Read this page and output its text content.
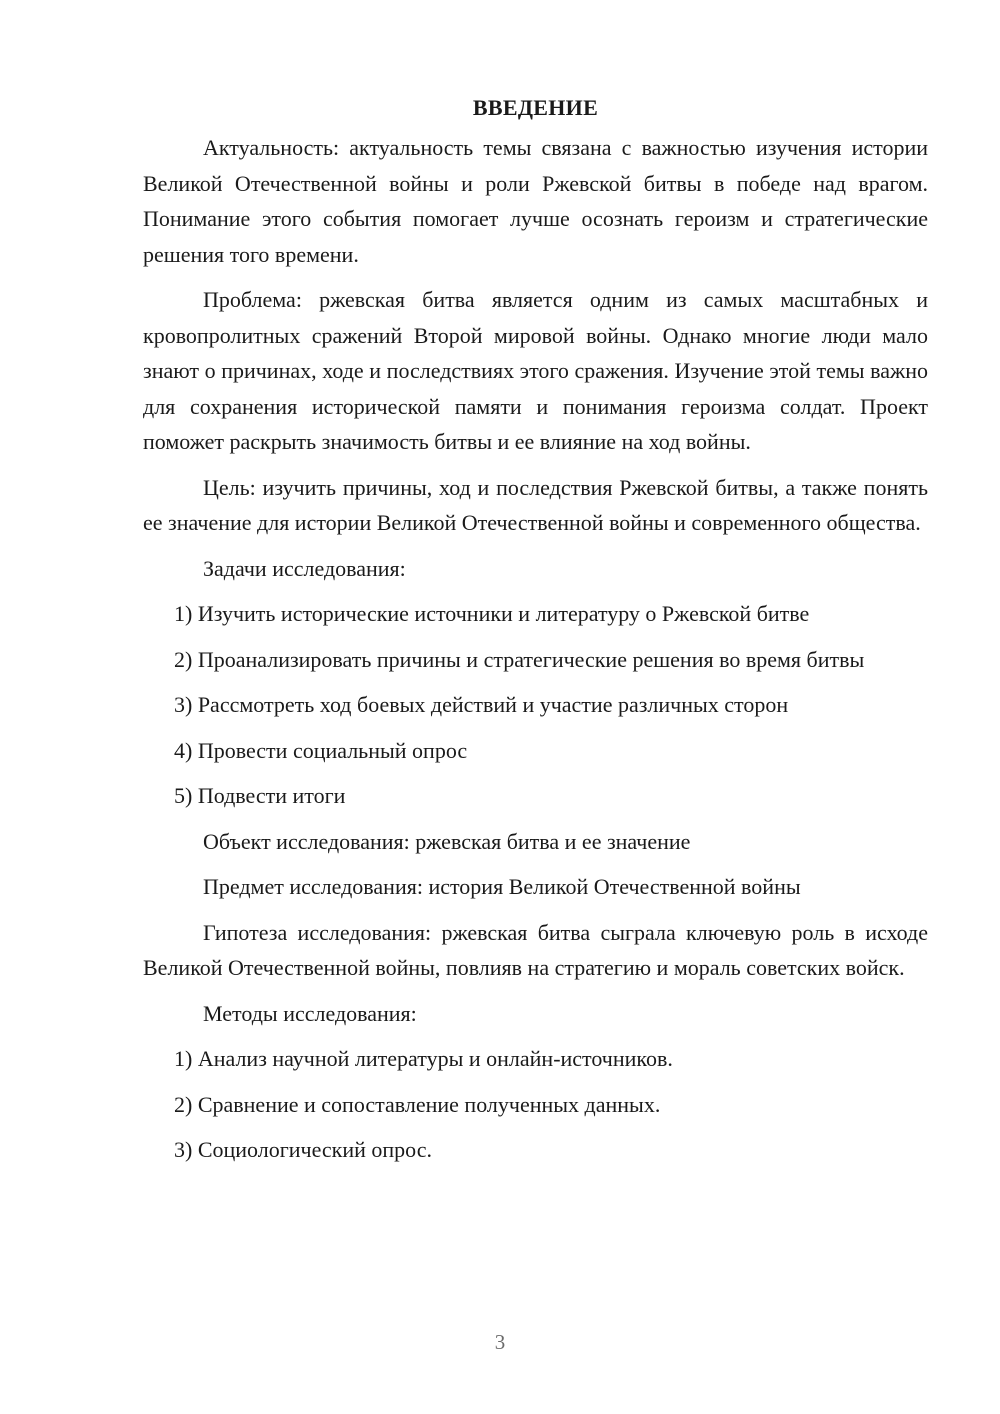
ВВЕДЕНИЕ

Актуальность: актуальность темы связана с важностью изучения истории Великой Отечественной войны и роли Ржевской битвы в победе над врагом. Понимание этого события помогает лучше осознать героизм и стратегические решения того времени.

Проблема: ржевская битва является одним из самых масштабных и кровопролитных сражений Второй мировой войны. Однако многие люди мало знают о причинах, ходе и последствиях этого сражения. Изучение этой темы важно для сохранения исторической памяти и понимания героизма солдат. Проект поможет раскрыть значимость битвы и ее влияние на ход войны.

Цель: изучить причины, ход и последствия Ржевской битвы, а также понять ее значение для истории Великой Отечественной войны и современного общества.

Задачи исследования:

1) Изучить исторические источники и литературу о Ржевской битве

2) Проанализировать причины и стратегические решения во время битвы

3) Рассмотреть ход боевых действий и участие различных сторон

4) Провести социальный опрос

5) Подвести итоги

Объект исследования: ржевская битва и ее значение

Предмет исследования: история Великой Отечественной войны

Гипотеза исследования: ржевская битва сыграла ключевую роль в исходе Великой Отечественной войны, повлияв на стратегию и мораль советских войск.

Методы исследования:

1) Анализ научной литературы и онлайн-источников.

2) Сравнение и сопоставление полученных данных.

3) Социологический опрос.

3
